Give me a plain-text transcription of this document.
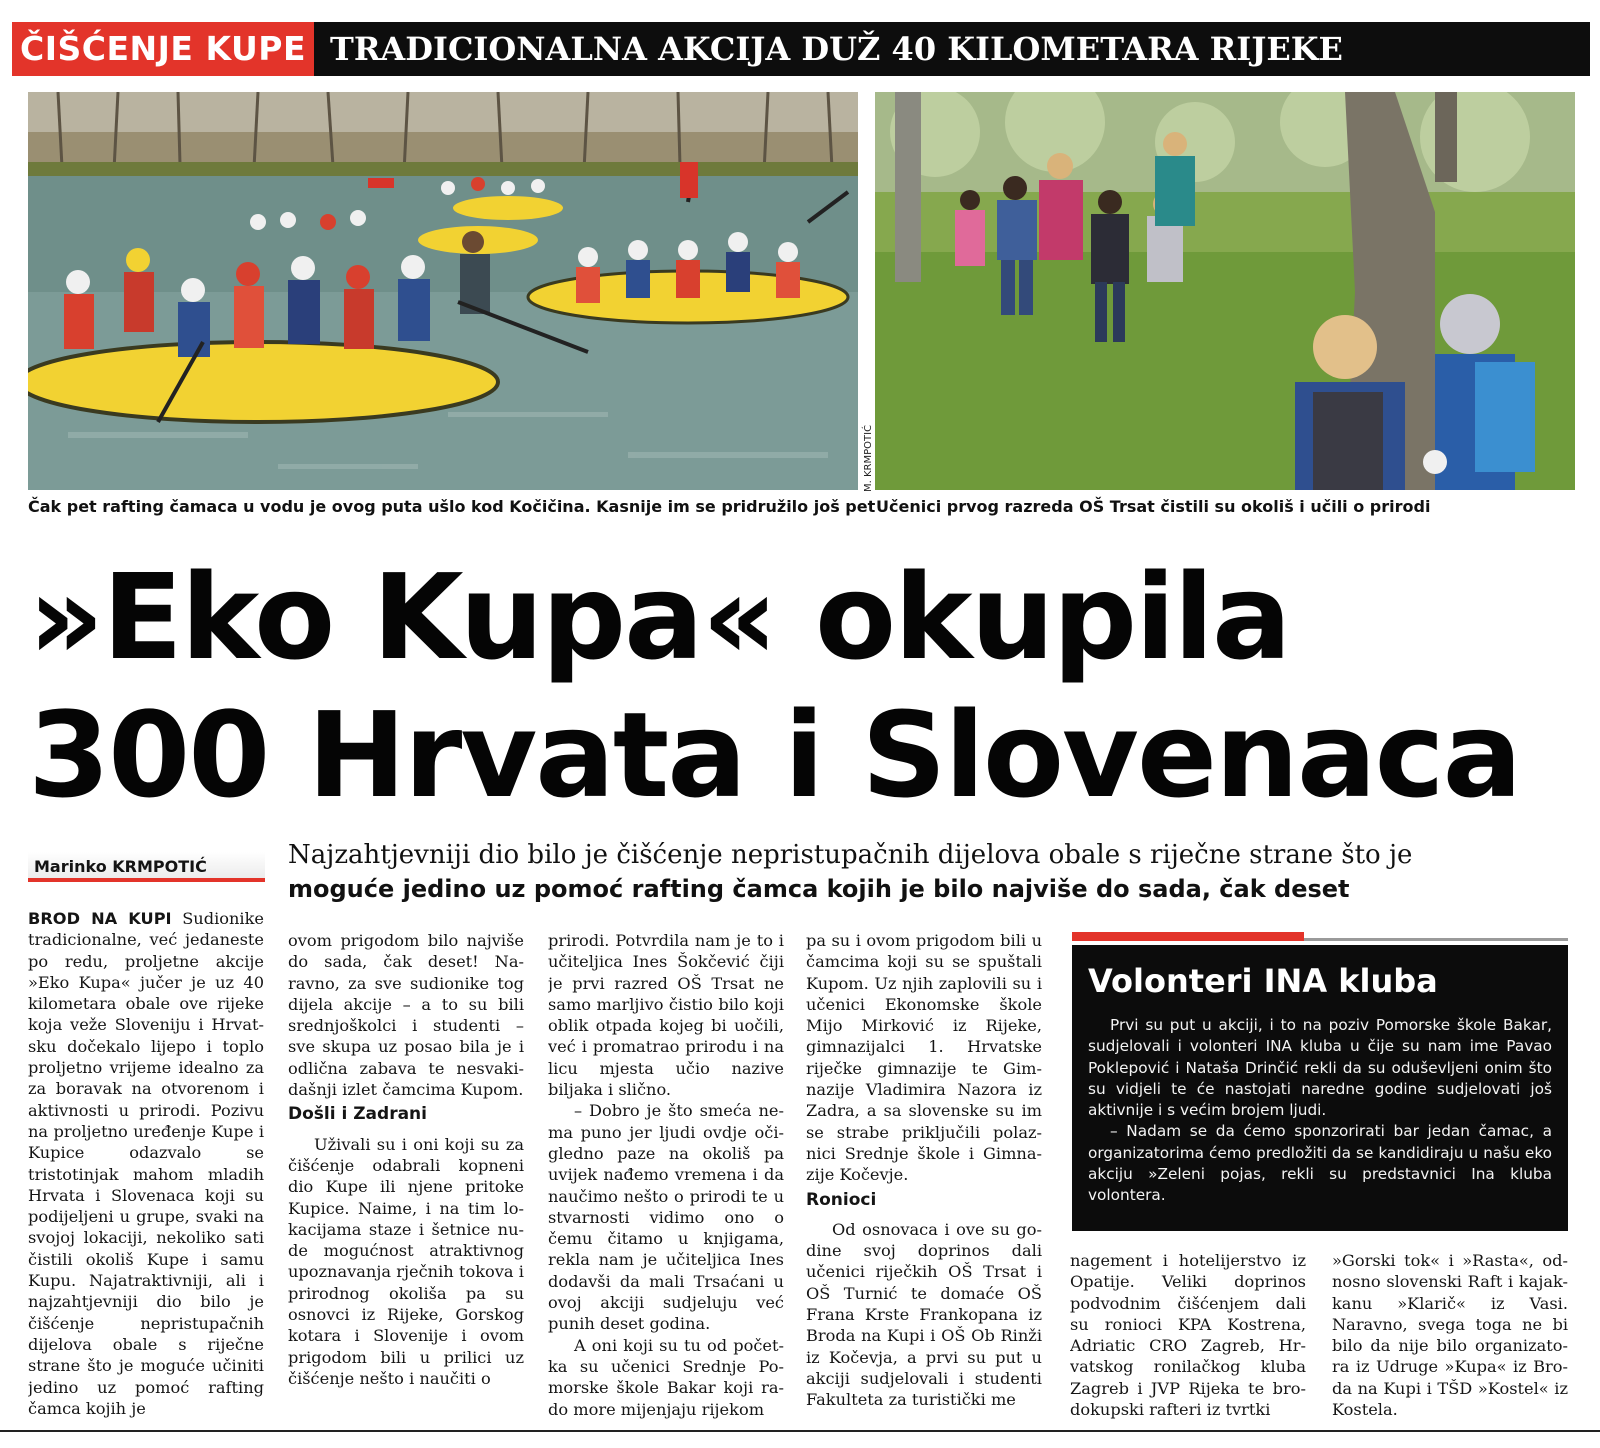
ČIŠĆENJE KUPE TRADICIONALNA AKCIJA DUŽ 40 KILOMETARA RIJEKE
M. KRMPOTIĆ
Čak pet rafting čamaca u vodu je ovog puta ušlo kod Kočičina. Kasnije im se pridružilo još pet Učenici prvog razreda OŠ Trsat čistili su okoliš i učili o prirodi
»Eko Kupa« okupila
300 Hrvata i Slovenaca
Marinko KRMPOTIĆ	Najzahtjevniji dio bilo je čišćenje nepristupačnih dijelova obale s riječne strane što je
moguće jedino uz pomoć rafting čamca kojih je bilo najviše do sada, čak deset

BROD NA KUPI Sudionike tradicionalne, već jedaneste po redu, proljetne akcije »Eko Kupa« jučer je uz 40 kilometara obale ove rijeke koja veže Sloveniju i Hrvatsku dočekalo lijepo i toplo proljetno vrijeme idealno za za boravak na otvorenom i aktivnosti u prirodi. Pozivu na proljetno uređenje Kupe i Kupice odazvalo se tristotinjak mahom mladih Hrvata i Slovenaca koji su podijeljeni u grupe, svaki na svojoj lokaciji, nekoliko sati čistili okoliš Kupe i samu Kupu. Najatraktivniji, ali i najzahtjevniji dio bilo je čišćenje nepristupačnih dijelova obale s riječne strane što je moguće učiniti jedino uz pomoć rafting čamca kojih je

ovom prigodom bilo najviše do sada, čak deset! Naravno, za sve sudionike tog dijela akcije – a to su bili srednjoškolci i studenti – sve skupa uz posao bila je i odlična zabava te nesvakidašnji izlet čamcima Kupom.

Došli i Zadrani

Uživali su i oni koji su za čišćenje odabrali kopneni dio Kupe ili njene pritoke Kupice. Naime, i na tim lokacijama staze i šetnice nude mogućnost atraktivnog upoznavanja rječnih tokova i prirodnog okoliša pa su osnovci iz Rijeke, Gorskog kotara i Slovenije i ovom prigodom bili u prilici uz čišćenje nešto i naučiti o

prirodi. Potvrdila nam je to i učiteljica Ines Šokčević čiji je prvi razred OŠ Trsat ne samo marljivo čistio bilo koji oblik otpada kojeg bi uočili, već i promatrao prirodu i na licu mjesta učio nazive biljaka i slično.

– Dobro je što smeća nema puno jer ljudi ovdje očigledno paze na okoliš pa uvijek nađemo vremena i da naučimo nešto o prirodi te u stvarnosti vidimo ono o čemu čitamo u knjigama, rekla nam je učiteljica Ines dodavši da mali Trsaćani u ovoj akciji sudjeluju već punih deset godina.

A oni koji su tu od početka su učenici Srednje Pomorske škole Bakar koji rado more mijenjaju rijekom

pa su i ovom prigodom bili u čamcima koji su se spuštali Kupom. Uz njih zaplovili su i učenici Ekonomske škole Mijo Mirković iz Rijeke, gimnazijalci 1. Hrvatske riječke gimnazije te Gimnazije Vladimira Nazora iz Zadra, a sa slovenske su im se strabe priključili polaznici Srednje škole i Gimnazije Kočevje.

Ronioci

Od osnovaca i ove su godine svoj doprinos dali učenici riječkih OŠ Trsat i OŠ Turnić te domaće OŠ Frana Krste Frankopana iz Broda na Kupi i OŠ Ob Rinži iz Kočevja, a prvi su put u akciji sudjelovali i studenti Fakulteta za turistički me

Volonteri INA kluba

Prvi su put u akciji, i to na poziv Pomorske škole Bakar, sudjelovali i volonteri INA kluba u čije su nam ime Pavao Poklepović i Nataša Drinčić rekli da su oduševljeni onim što su vidjeli te će nastojati naredne godine sudjelovati još aktivnije i s većim brojem ljudi.

– Nadam se da ćemo sponzorirati bar jedan čamac, a organizatorima ćemo predložiti da se kandidiraju u našu eko akciju »Zeleni pojas, rekli su predstavnici Ina kluba volontera.

nagement i hotelijerstvo iz Opatije. Veliki doprinos podvodnim čišćenjem dali su ronioci KPA Kostrena, Adriatic CRO Zagreb, Hrvatskog ronilačkog kluba Zagreb i JVP Rijeka te brodokupski rafteri iz tvrtki

»Gorski tok« i »Rasta«, odnosno slovenski Raft i kajak-kanu »Klarič« iz Vasi. Naravno, svega toga ne bi bilo da nije bilo organizatora iz Udruge »Kupa« iz Broda na Kupi i TŠD »Kostel« iz Kostela.
